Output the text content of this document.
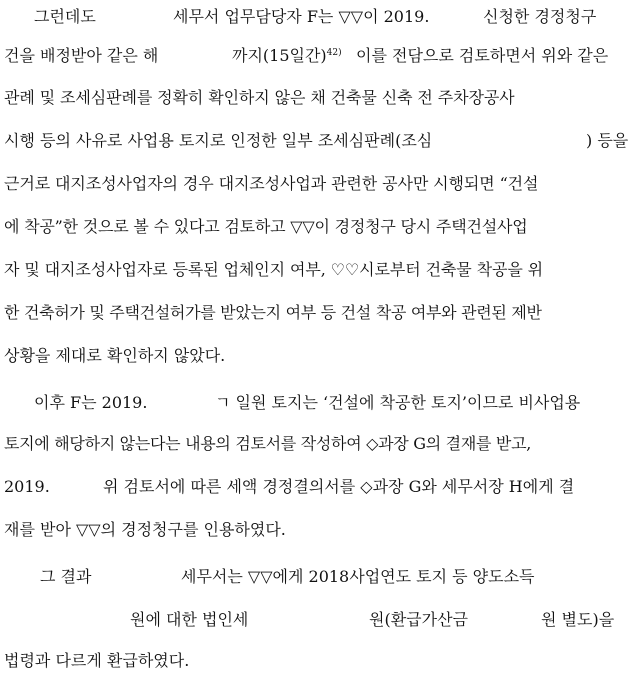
그런데도	세무서 업무담당자 F는 ▽▽이 2019.	신청한 경정청구
건을 배정받아 같은 해	까지(15일간)$^{42)}$ 이를 전담으로 검토하면서 위와 같은
관례 및 조세심판례를 정확히 확인하지 않은 채 건축물 신축 전 주차장공사
시행 등의 사유로 사업용 토지로 인정한 일부 조세심판례(조심	) 등을
근거로 대지조성사업자의 경우 대지조성사업과 관련한 공사만 시행되면 “건설
에 착공”한 것으로 볼 수 있다고 검토하고 ▽▽이 경정청구 당시 주택건설사업
자 및 대지조성사업자로 등록된 업체인지 여부, ♡♡시로부터 건축물 착공을 위
한 건축허가 및 주택건설허가를 받았는지 여부 등 건설 착공 여부와 관련된 제반
상황을 제대로 확인하지 않았다.
이후 F는 2019.	ㄱ 일원 토지는 ‘건설에 착공한 토지’이므로 비사업용
토지에 해당하지 않는다는 내용의 검토서를 작성하여 ◇과장 G의 결재를 받고,
2019.	위 검토서에 따른 세액 경정결의서를 ◇과장 G와 세무서장 H에게 결
재를 받아 ▽▽의 경정청구를 인용하였다.
그 결과	세무서는 ▽▽에게 2018사업연도 토지 등 양도소득
원에 대한 법인세	원(환급가산금	원 별도)을
법령과 다르게 환급하였다.
